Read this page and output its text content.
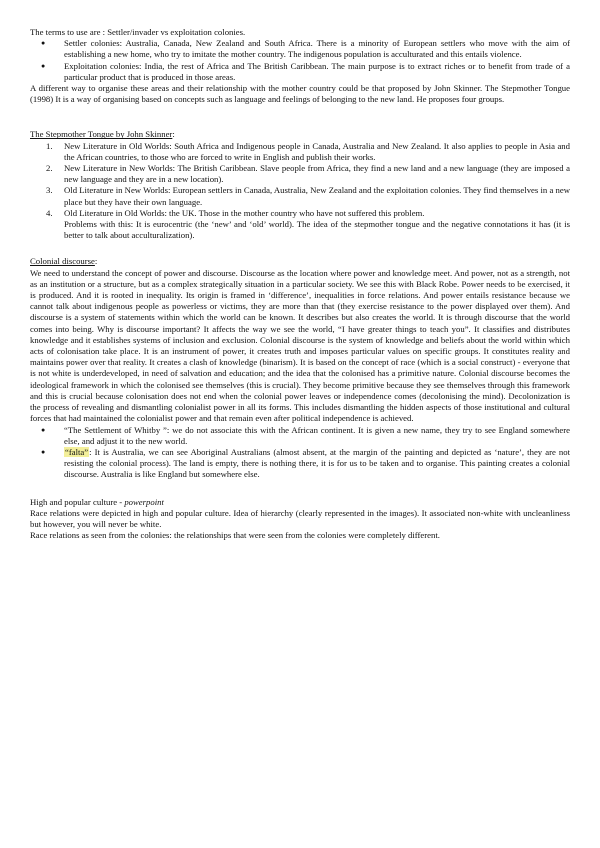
The terms to use are : Settler/invader vs exploitation colonies.

● Settler colonies: Australia, Canada, New Zealand and South Africa. There is a minority of European settlers who move with the aim of establishing a new home, who try to imitate the mother country. The indigenous population is acculturated and this entails violence.
● Exploitation colonies: India, the rest of Africa and The British Caribbean. The main purpose is to extract riches or to benefit from trade of a particular product that is produced in those areas.

A different way to organise these areas and their relationship with the mother country could be that proposed by John Skinner. The Stepmother Tongue (1998) It is a way of organising based on concepts such as language and feelings of belonging to the new land. He proposes four groups.

The Stepmother Tongue by John Skinner:

1. New Literature in Old Worlds: South Africa and Indigenous people in Canada, Australia and New Zealand. It also applies to people in Asia and the African countries, to those who are forced to write in English and publish their works.
2. New Literature in New Worlds: The British Caribbean. Slave people from Africa, they find a new land and a new language (they are imposed a new language and they are in a new location).
3. Old Literature in New Worlds: European settlers in Canada, Australia, New Zealand and the exploitation colonies. They find themselves in a new place but they have their own language.
4. Old Literature in Old Worlds: the UK. Those in the mother country who have not suffered this problem.

Problems with this: It is eurocentric (the ‘new’ and ‘old’ world). The idea of the stepmother tongue and the negative connotations it has (it is better to talk about acculturalization).

Colonial discourse:

We need to understand the concept of power and discourse. Discourse as the location where power and knowledge meet. And power, not as a strength, not as an institution or a structure, but as a complex strategically situation in a particular society. We see this with Black Robe. Power needs to be exercised, it is produced. And it is rooted in inequality. Its origin is framed in ‘difference’, inequalities in force relations. And power entails resistance because we cannot talk about indigenous people as powerless or victims, they are more than that (they exercise resistance to the power displayed over them). And discourse is a system of statements within which the world can be known. It describes but also creates the world. It is through discourse that the world comes into being. Why is discourse important? It affects the way we see the world, “I have greater things to teach you”. It classifies and distributes knowledge and it establishes systems of inclusion and exclusion. Colonial discourse is the system of knowledge and beliefs about the world within which acts of colonisation take place. It is an instrument of power, it creates truth and imposes particular values on specific groups. It constitutes reality and maintains power over that reality. It creates a clash of knowledge (binarism). It is based on the concept of race (which is a social construct) - everyone that is not white is underdeveloped, in need of salvation and education; and the idea that the colonised has a primitive nature. Colonial discourse becomes the ideological framework in which the colonised see themselves (this is crucial). They become primitive because they see themselves through this framework and this is crucial because colonisation does not end when the colonial power leaves or independence comes (decolonising the mind). Decolonization is the process of revealing and dismantling colonialist power in all its forms. This includes dismantling the hidden aspects of those institutional and cultural forces that had maintained the colonialist power and that remain even after political independence is achieved.

● “The Settlement of Whitby ”: we do not associate this with the African continent. It is given a new name, they try to see England somewhere else, and adjust it to the new world.
● “falta”: It is Australia, we can see Aboriginal Australians (almost absent, at the margin of the painting and depicted as ‘nature’, they are not resisting the colonial process). The land is empty, there is nothing there, it is for us to be taken and to organise. This painting creates a colonial discourse. Australia is like England but somewhere else.

High and popular culture - powerpoint

Race relations were depicted in high and popular culture. Idea of hierarchy (clearly represented in the images). It associated non-white with uncleanliness but however, you will never be white.

Race relations as seen from the colonies: the relationships that were seen from the colonies were completely different.
